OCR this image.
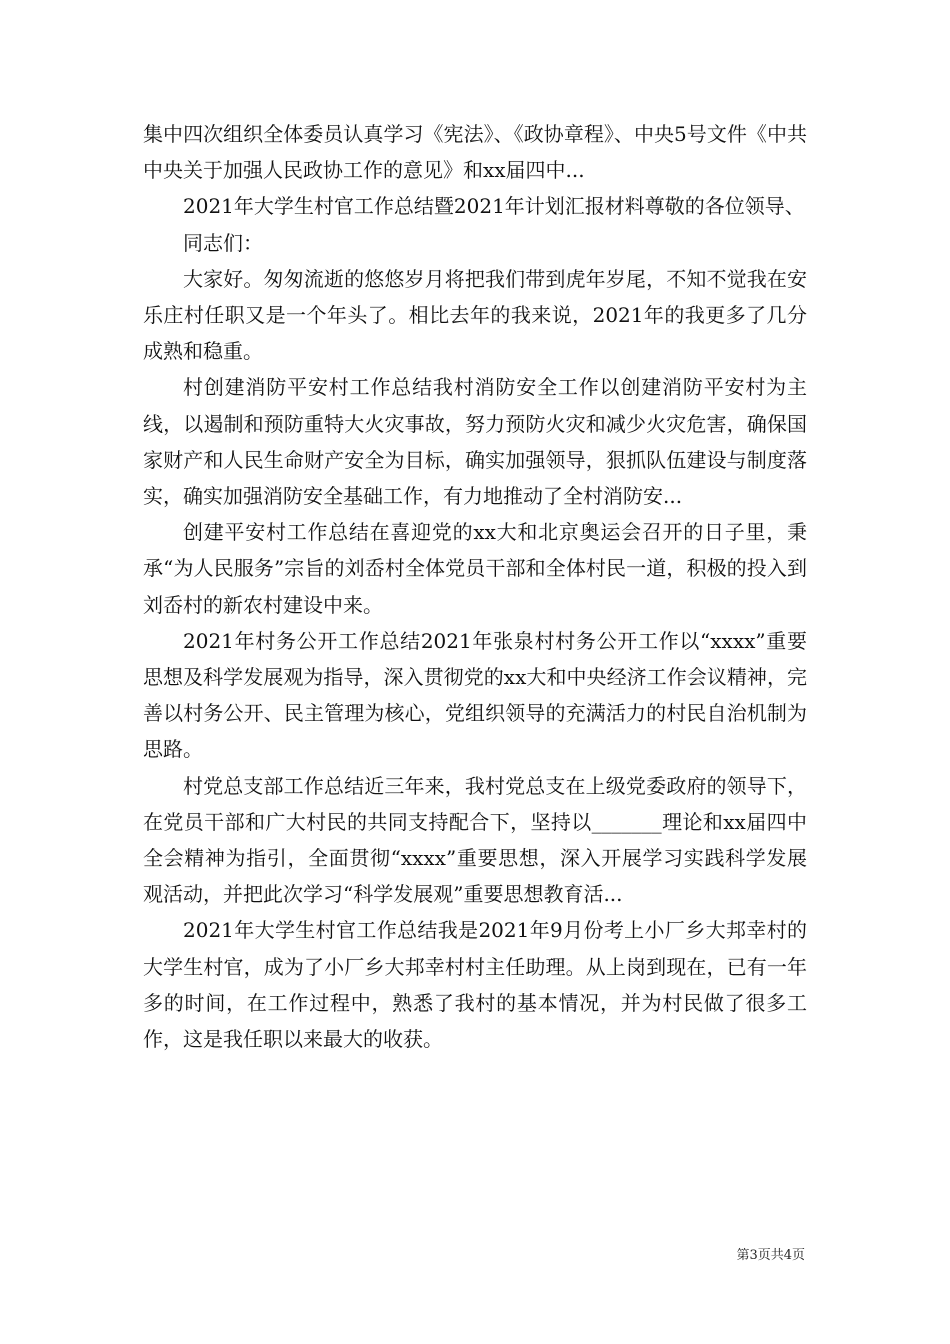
集中四次组织全体委员认真学习《宪法》、《政协章程》、中央5号文件《中共中央关于加强人民政协工作的意见》和xx届四中...

2021年大学生村官工作总结暨2021年计划汇报材料尊敬的各位领导、

同志们：

大家好。匆匆流逝的悠悠岁月将把我们带到虎年岁尾，不知不觉我在安乐庄村任职又是一个年头了。相比去年的我来说，2021年的我更多了几分成熟和稳重。

村创建消防平安村工作总结我村消防安全工作以创建消防平安村为主线，以遏制和预防重特大火灾事故，努力预防火灾和减少火灾危害，确保国家财产和人民生命财产安全为目标，确实加强领导，狠抓队伍建设与制度落实，确实加强消防安全基础工作，有力地推动了全村消防安...

创建平安村工作总结在喜迎党的xx大和北京奥运会召开的日子里，秉承“为人民服务”宗旨的刘岙村全体党员干部和全体村民一道，积极的投入到刘岙村的新农村建设中来。

2021年村务公开工作总结2021年张泉村村务公开工作以“xxxx”重要思想及科学发展观为指导，深入贯彻党的xx大和中央经济工作会议精神，完善以村务公开、民主管理为核心，党组织领导的充满活力的村民自治机制为思路。

村党总支部工作总结近三年来，我村党总支在上级党委政府的领导下，在党员干部和广大村民的共同支持配合下，坚持以_______理论和xx届四中全会精神为指引，全面贯彻“xxxx”重要思想，深入开展学习实践科学发展观活动，并把此次学习“科学发展观”重要思想教育活...

2021年大学生村官工作总结我是2021年9月份考上小厂乡大邦幸村的大学生村官，成为了小厂乡大邦幸村村主任助理。从上岗到现在，已有一年多的时间，在工作过程中，熟悉了我村的基本情况，并为村民做了很多工作，这是我任职以来最大的收获。

第3页共4页
